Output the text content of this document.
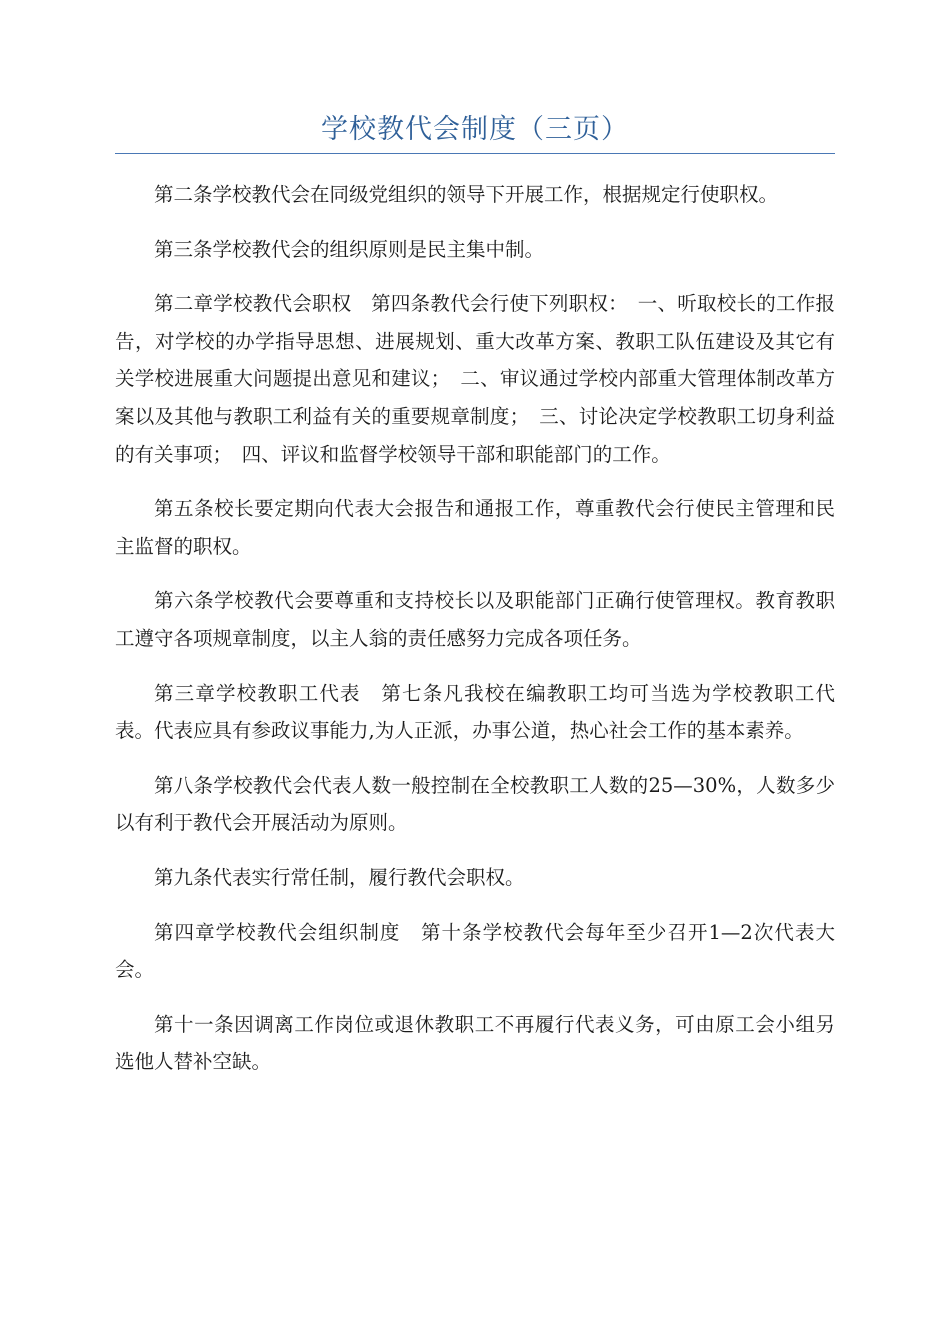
学校教代会制度（三页）

第二条学校教代会在同级党组织的领导下开展工作，根据规定行使职权。

第三条学校教代会的组织原则是民主集中制。

第二章学校教代会职权　第四条教代会行使下列职权：　一、听取校长的工作报告，对学校的办学指导思想、进展规划、重大改革方案、教职工队伍建设及其它有关学校进展重大问题提出意见和建议；　二、审议通过学校内部重大管理体制改革方案以及其他与教职工利益有关的重要规章制度；　三、讨论决定学校教职工切身利益的有关事项；　四、评议和监督学校领导干部和职能部门的工作。

第五条校长要定期向代表大会报告和通报工作，尊重教代会行使民主管理和民主监督的职权。

第六条学校教代会要尊重和支持校长以及职能部门正确行使管理权。教育教职工遵守各项规章制度，以主人翁的责任感努力完成各项任务。

第三章学校教职工代表　第七条凡我校在编教职工均可当选为学校教职工代表。代表应具有参政议事能力,为人正派，办事公道，热心社会工作的基本素养。

第八条学校教代会代表人数一般控制在全校教职工人数的25—30%，人数多少以有利于教代会开展活动为原则。

第九条代表实行常任制，履行教代会职权。

第四章学校教代会组织制度　第十条学校教代会每年至少召开1—2次代表大会。

第十一条因调离工作岗位或退休教职工不再履行代表义务，可由原工会小组另选他人替补空缺。
